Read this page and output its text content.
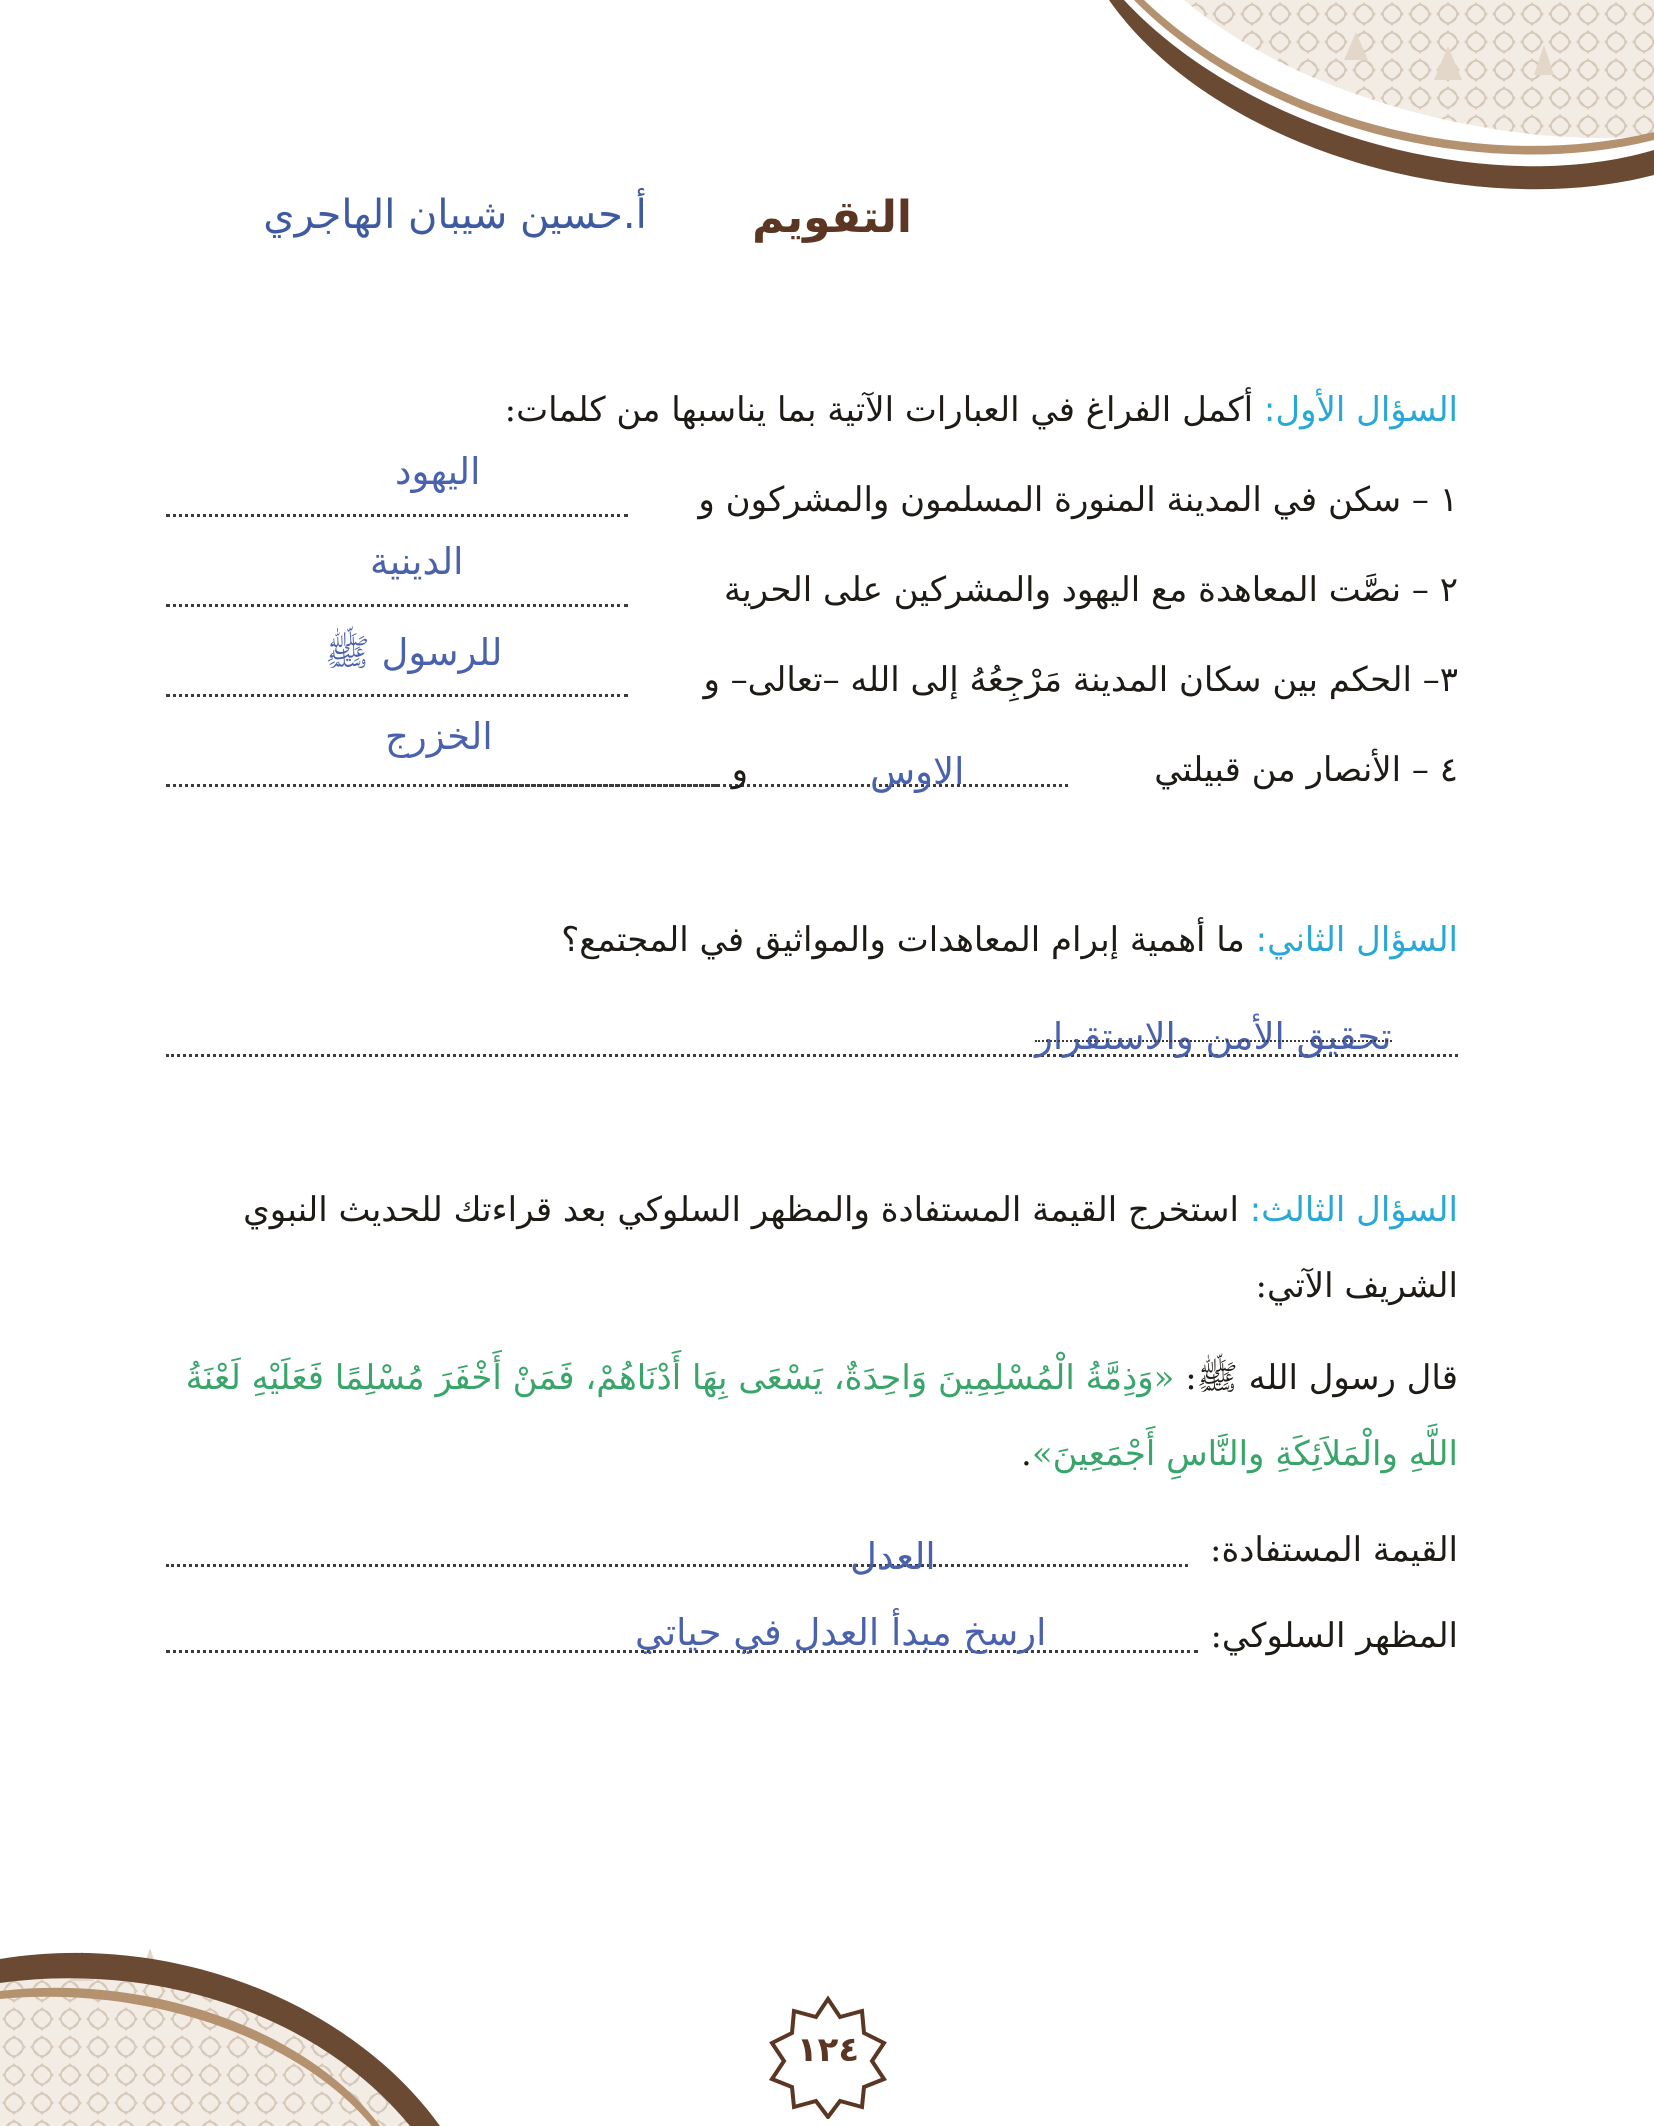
التقويم
أ.حسين شيبان الهاجري
السؤال الأول: أكمل الفراغ في العبارات الآتية بما يناسبها من كلمات:
١ – سكن في المدينة المنورة المسلمون والمشركون و
اليهود
٢ – نصَّت المعاهدة مع اليهود والمشركين على الحرية
الدينية
٣– الحكم بين سكان المدينة مَرْجِعُهُ إلى الله –تعالى– و
للرسول ﷺ
٤ – الأنصار من قبيلتي
و	الاوس
الخزرج
السؤال الثاني: ما أهمية إبرام المعاهدات والمواثيق في المجتمع؟
تحقيق الأمن والاستقرار
السؤال الثالث: استخرج القيمة المستفادة والمظهر السلوكي بعد قراءتك للحديث النبوي
الشريف الآتي:
قال رسول الله ﷺ: «وَذِمَّةُ الْمُسْلِمِينَ وَاحِدَةٌ، يَسْعَى بِهَا أَدْنَاهُمْ، فَمَنْ أَخْفَرَ مُسْلِمًا فَعَلَيْهِ لَعْنَةُ اللَّهِ والْمَلاَئِكَةِ والنَّاسِ أَجْمَعِينَ».
القيمة المستفادة:
العدل
المظهر السلوكي:
ارسخ مبدأ العدل في حياتي
١٢٤
